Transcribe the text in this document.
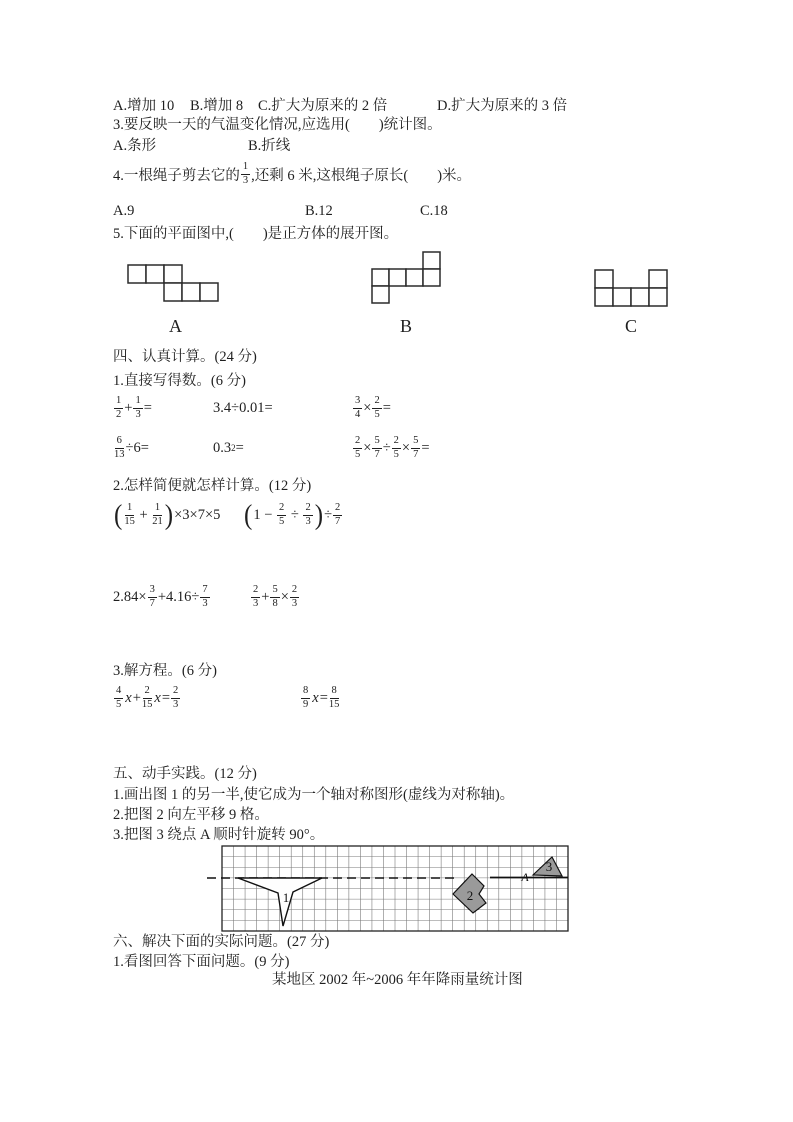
A.增加 10 B.增加 8 C.扩大为原来的 2 倍	D.扩大为原来的 3 倍
3.要反映一天的气温变化情况,应选用(　　)统计图。
A.条形	B.折线
4.一根绳子剪去它的 $\frac{1}{3}$ ,还剩 6 米,这根绳子原长(　　)米。
A.9	B.12	C.18
5.下面的平面图中,(　　)是正方体的展开图。
A	B	C
四、认真计算。(24 分)
1.直接写得数。(6 分)
$\frac{1}{2} + \frac{1}{3}$ =	3.4÷0.01=	$\frac{3}{4} \times \frac{2}{5}$ =
$\frac{6}{13} \div 6=$	0.3 2 =	$\frac{2}{5} \times \frac{5}{7} \div \frac{2}{5} \times \frac{5}{7}$ =
2.怎样简便就怎样计算。(12 分)
( $\frac{1}{15} + \frac{1}{21}$ ) ×3×7×5 ( $1 - \frac{2}{5} \div \frac{2}{3}$ ) ÷ $\frac{2}{7}$
$2.84\times \frac{3}{7} +4.16\div \frac{7}{3}$	$\frac{2}{3} + \frac{5}{8} \times \frac{2}{3}$
3.解方程。(6 分)
$\frac{4}{5}$ $x + \frac{2}{15}$ $x = \frac{2}{3}$	$\frac{8}{9}$ $x = \frac{8}{15}$
五、动手实践。(12 分)
1.画出图 1 的另一半,使它成为一个轴对称图形(虚线为对称轴)。
2.把图 2 向左平移 9 格。
3.把图 3 绕点 A 顺时针旋转 90°。
1	2
3
A
六、解决下面的实际问题。(27 分)
1.看图回答下面问题。(9 分)
某地区 2002 年~2006 年年降雨量统计图
